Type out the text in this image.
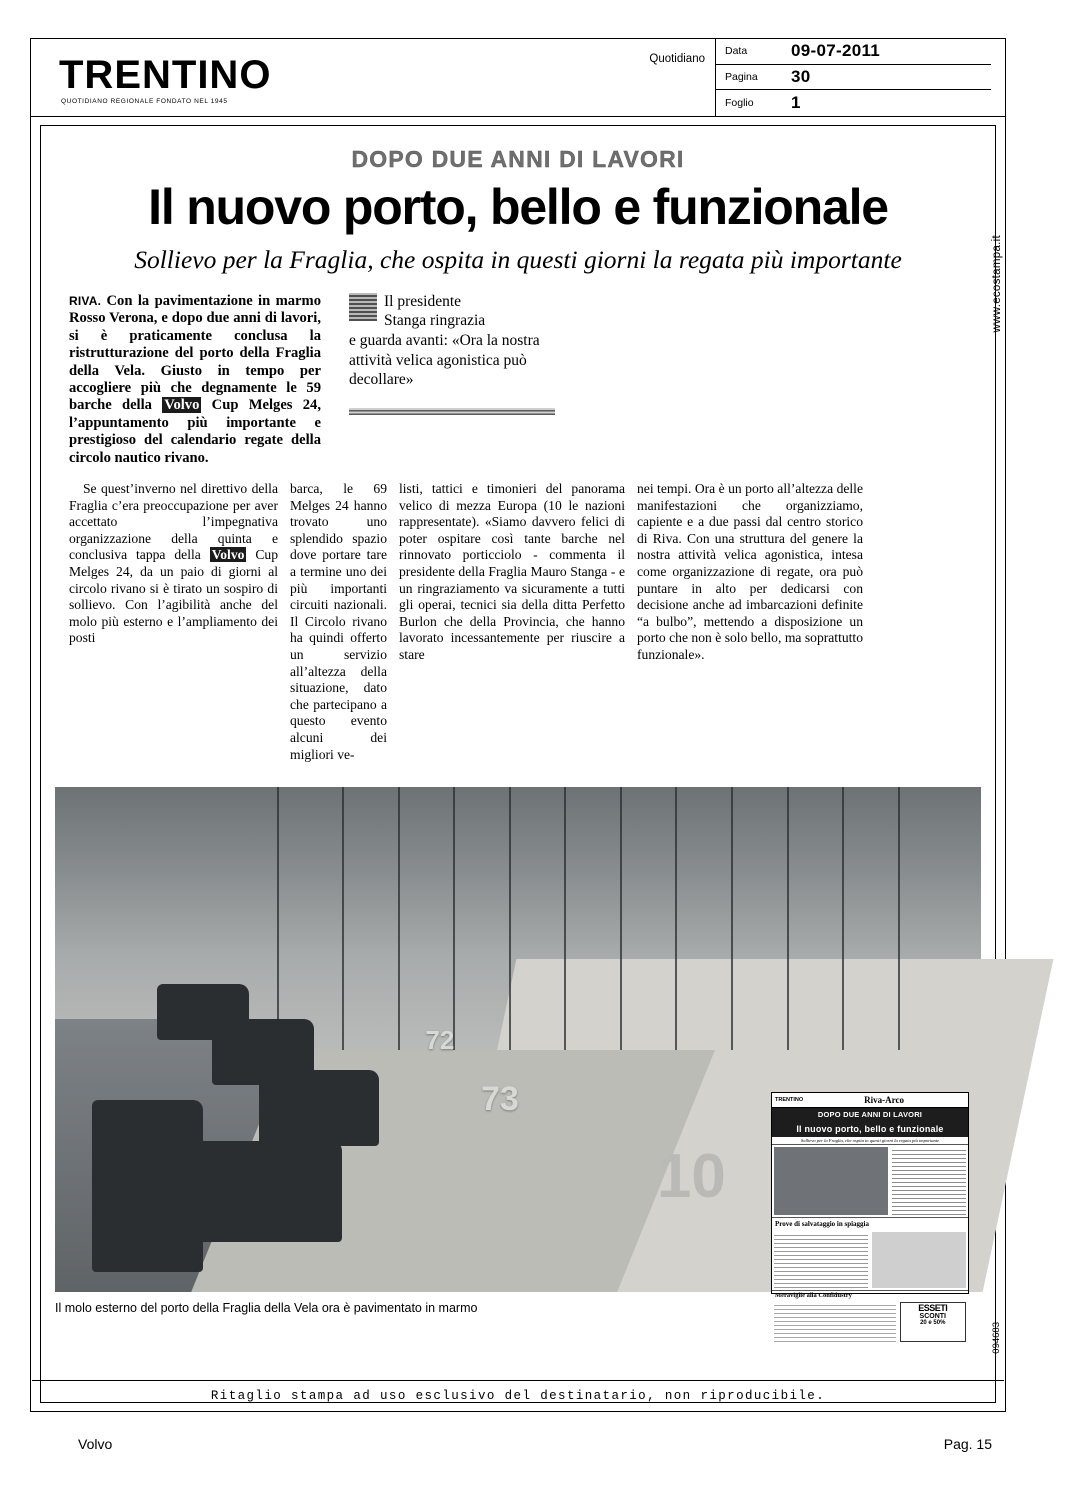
TRENTINO
QUOTIDIANO REGIONALE FONDATO NEL 1945
Quotidiano
Data	09-07-2011
Pagina	30
Foglio	1
DOPO DUE ANNI DI LAVORI
Il nuovo porto, bello e funzionale
Sollievo per la Fraglia, che ospita in questi giorni la regata più importante
RIVA. Con la pavimentazione in marmo Rosso Verona, e dopo due anni di lavori, si è praticamente conclusa la ristrutturazione del porto della Fraglia della Vela. Giusto in tempo per accogliere più che degnamente le 59 barche della Volvo Cup Melges 24, l’appuntamento più importante e prestigioso del calendario regate della circolo nautico rivano.
Il presidente
Stanga ringrazia
e guarda avanti: «Ora la nostra attività velica agonistica può decollare»

Se quest’inverno nel direttivo della Fraglia c’era preoccupazione per aver accettato l’impegnativa organizzazione della quinta e conclusiva tappa della Volvo Cup Melges 24, da un paio di giorni al circolo rivano si è tirato un sospiro di sollievo. Con l’agibilità anche del molo più esterno e l’ampliamento dei posti

barca, le 69 Melges 24 hanno trovato uno splendido spazio dove portare tare a termine uno dei più importanti circuiti nazionali. Il Circolo rivano ha quindi offerto un servizio all’altezza della situazione, dato che partecipano a questo evento alcuni dei migliori ve-

listi, tattici e timonieri del panorama velico di mezza Europa (10 le nazioni rappresentate). «Siamo davvero felici di poter ospitare così tante barche nel rinnovato porticciolo - commenta il presidente della Fraglia Mauro Stanga - e un ringraziamento va sicuramente a tutti gli operai, tecnici sia della ditta Perfetto Burlon che della Provincia, che hanno lavorato incessantemente per riuscire a stare

nei tempi. Ora è un porto all’altezza delle manifestazioni che organizziamo, capiente e a due passi dal centro storico di Riva. Con una struttura del genere la nostra attività velica agonistica, intesa come organizzazione di regate, ora può puntare in alto per dedicarsi con decisione anche ad imbarcazioni definite “a bulbo”, mettendo a disposizione un porto che non è solo bello, ma soprattutto funzionale».

72
73
10
TRENTINO	Riva-Arco
DOPO DUE ANNI DI LAVORI
Il nuovo porto, bello e funzionale
Sollievo per la Fraglia, che ospita in questi giorni la regata più importante
Prove di salvataggio in spiaggia
Meraviglie alla Confidustry
ESSETI
SCONTI
20 e 50%
Il molo esterno del porto della Fraglia della Vela ora è pavimentato in marmo
www.ecostampa.it
094683
Ritaglio stampa ad uso esclusivo del destinatario, non riproducibile.
Volvo	Pag. 15
